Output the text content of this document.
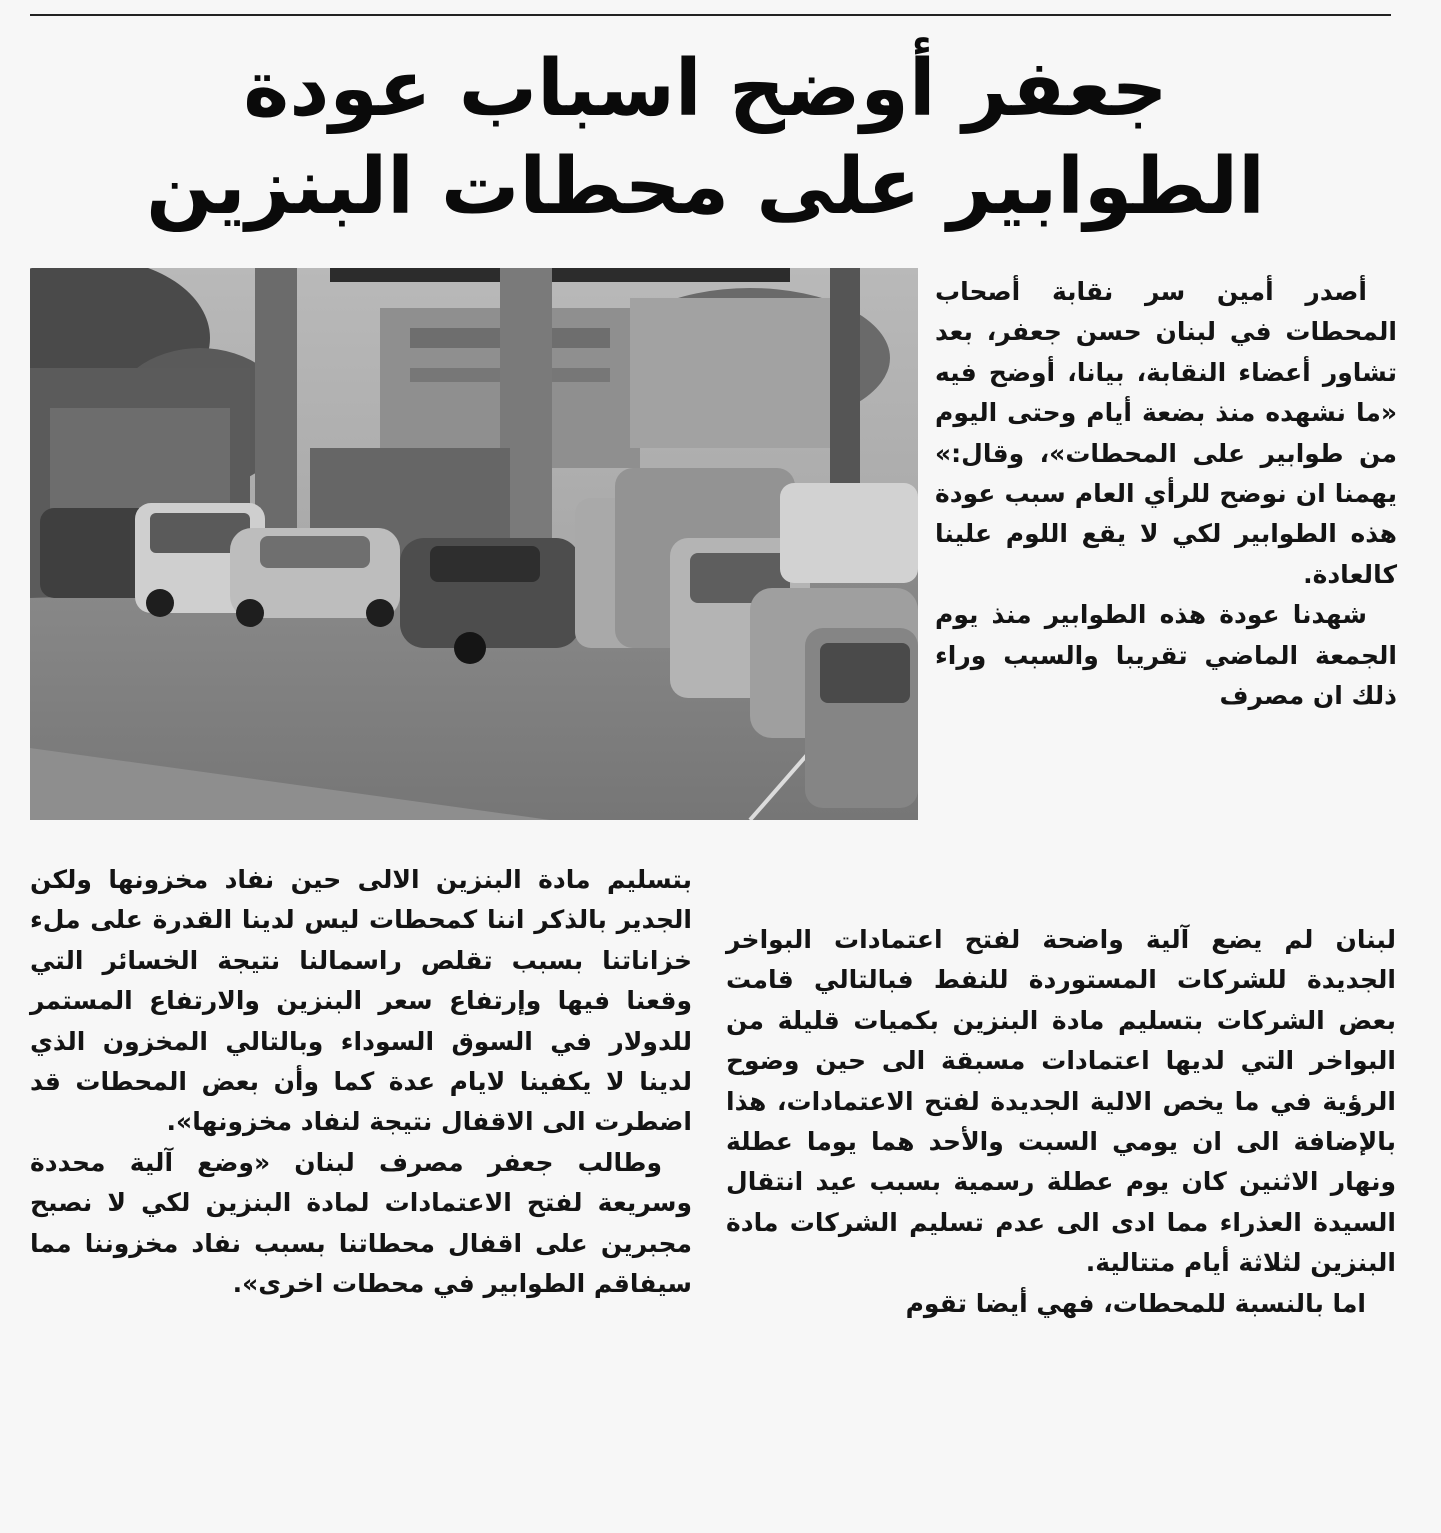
جعفر أوضح اسباب عودة
الطوابير على محطات البنزين

أصدر أمين سر نقابة أصحاب المحطات في لبنان حسن جعفر، بعد تشاور أعضاء النقابة، بيانا، أوضح فيه «ما نشهده منذ بضعة أيام وحتى اليوم من طوابير على المحطات»، وقال:» يهمنا ان نوضح للرأي العام سبب عودة هذه الطوابير لكي لا يقع اللوم علينا كالعادة.

شهدنا عودة هذه الطوابير منذ يوم الجمعة الماضي تقريبا والسبب وراء ذلك ان مصرف

لبنان لم يضع آلية واضحة لفتح اعتمادات البواخر الجديدة للشركات المستوردة للنفط فبالتالي قامت بعض الشركات بتسليم مادة البنزين بكميات قليلة من البواخر التي لديها اعتمادات مسبقة الى حين وضوح الرؤية في ما يخص الالية الجديدة لفتح الاعتمادات، هذا بالإضافة الى ان يومي السبت والأحد هما يوما عطلة ونهار الاثنين كان يوم عطلة رسمية بسبب عيد انتقال السيدة العذراء مما ادى الى عدم تسليم الشركات مادة البنزين لثلاثة أيام متتالية.

اما بالنسبة للمحطات، فهي أيضا تقوم

بتسليم مادة البنزين الالى حين نفاد مخزونها ولكن الجدير بالذكر اننا كمحطات ليس لدينا القدرة على ملء خزاناتنا بسبب تقلص راسمالنا نتيجة الخسائر التي وقعنا فيها وإرتفاع سعر البنزين والارتفاع المستمر للدولار في السوق السوداء وبالتالي المخزون الذي لدينا لا يكفينا لايام عدة كما وأن بعض المحطات قد اضطرت الى الاقفال نتيجة لنفاد مخزونها».

وطالب جعفر مصرف لبنان «وضع آلية محددة وسريعة لفتح الاعتمادات لمادة البنزين لكي لا نصبح مجبرين على اقفال محطاتنا بسبب نفاد مخزوننا مما سيفاقم الطوابير في محطات اخرى».
